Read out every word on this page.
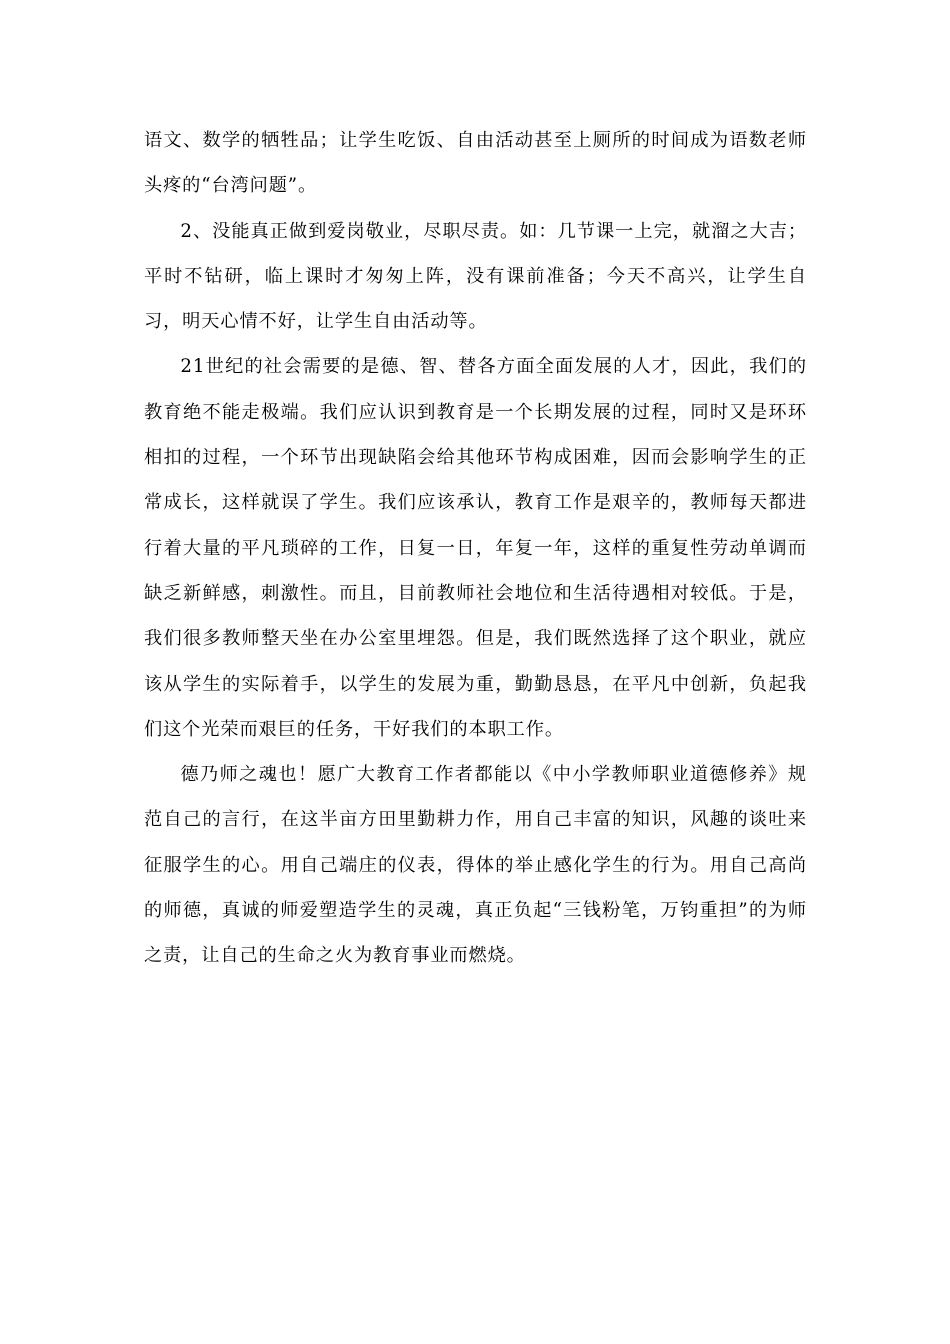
语文、数学的牺牲品；让学生吃饭、自由活动甚至上厕所的时间成为语数老师头疼的“台湾问题”。

2、没能真正做到爱岗敬业，尽职尽责。如：几节课一上完，就溜之大吉；平时不钻研，临上课时才匆匆上阵，没有课前准备；今天不高兴，让学生自习，明天心情不好，让学生自由活动等。

21世纪的社会需要的是德、智、替各方面全面发展的人才，因此，我们的教育绝不能走极端。我们应认识到教育是一个长期发展的过程，同时又是环环相扣的过程，一个环节出现缺陷会给其他环节构成困难，因而会影响学生的正常成长，这样就误了学生。我们应该承认，教育工作是艰辛的，教师每天都进行着大量的平凡琐碎的工作，日复一日，年复一年，这样的重复性劳动单调而缺乏新鲜感，刺激性。而且，目前教师社会地位和生活待遇相对较低。于是，我们很多教师整天坐在办公室里埋怨。但是，我们既然选择了这个职业，就应该从学生的实际着手，以学生的发展为重，勤勤恳恳，在平凡中创新，负起我们这个光荣而艰巨的任务，干好我们的本职工作。

德乃师之魂也！愿广大教育工作者都能以《中小学教师职业道德修养》规范自己的言行，在这半亩方田里勤耕力作，用自己丰富的知识，风趣的谈吐来征服学生的心。用自己端庄的仪表，得体的举止感化学生的行为。用自己高尚的师德，真诚的师爱塑造学生的灵魂，真正负起“三钱粉笔，万钧重担”的为师之责，让自己的生命之火为教育事业而燃烧。
